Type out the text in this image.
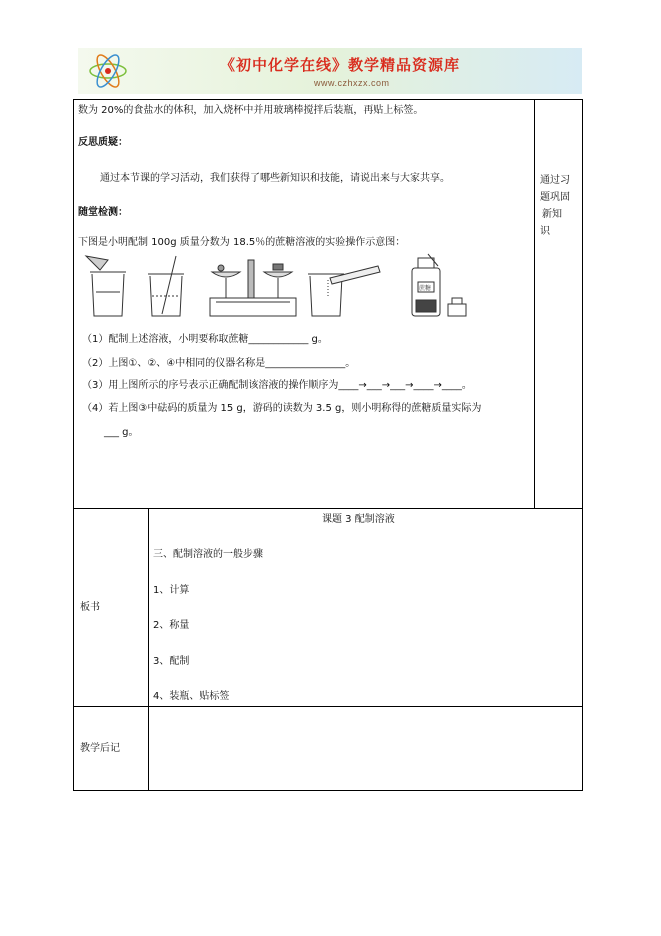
《初中化学在线》教学精品资源库
www.czhxzx.com
数为 20%的食盐水的体积，加入烧杯中并用玻璃棒搅拌后装瓶，再贴上标签。
反思质疑：
通过本节课的学习活动，我们获得了哪些新知识和技能，请说出来与大家共享。
随堂检测：
下图是小明配制 100g 质量分数为 18.5％的蔗糖溶液的实验操作示意图：
蔗糖
（1）配制上述溶液，小明要称取蔗糖____________ g。
（2）上图①、②、④中相同的仪器名称是________________。
（3）用上图所示的序号表示正确配制该溶液的操作顺序为____→___→___→____→____。
（4）若上图③中砝码的质量为 15 g，游码的读数为 3.5 g，则小明称得的蔗糖质量实际为
___ g。
通过习
题巩固
新知
识
板书
课题 3 配制溶液
三、配制溶液的一般步骤
1、计算
2、称量
3、配制
4、装瓶、贴标签
教学后记
